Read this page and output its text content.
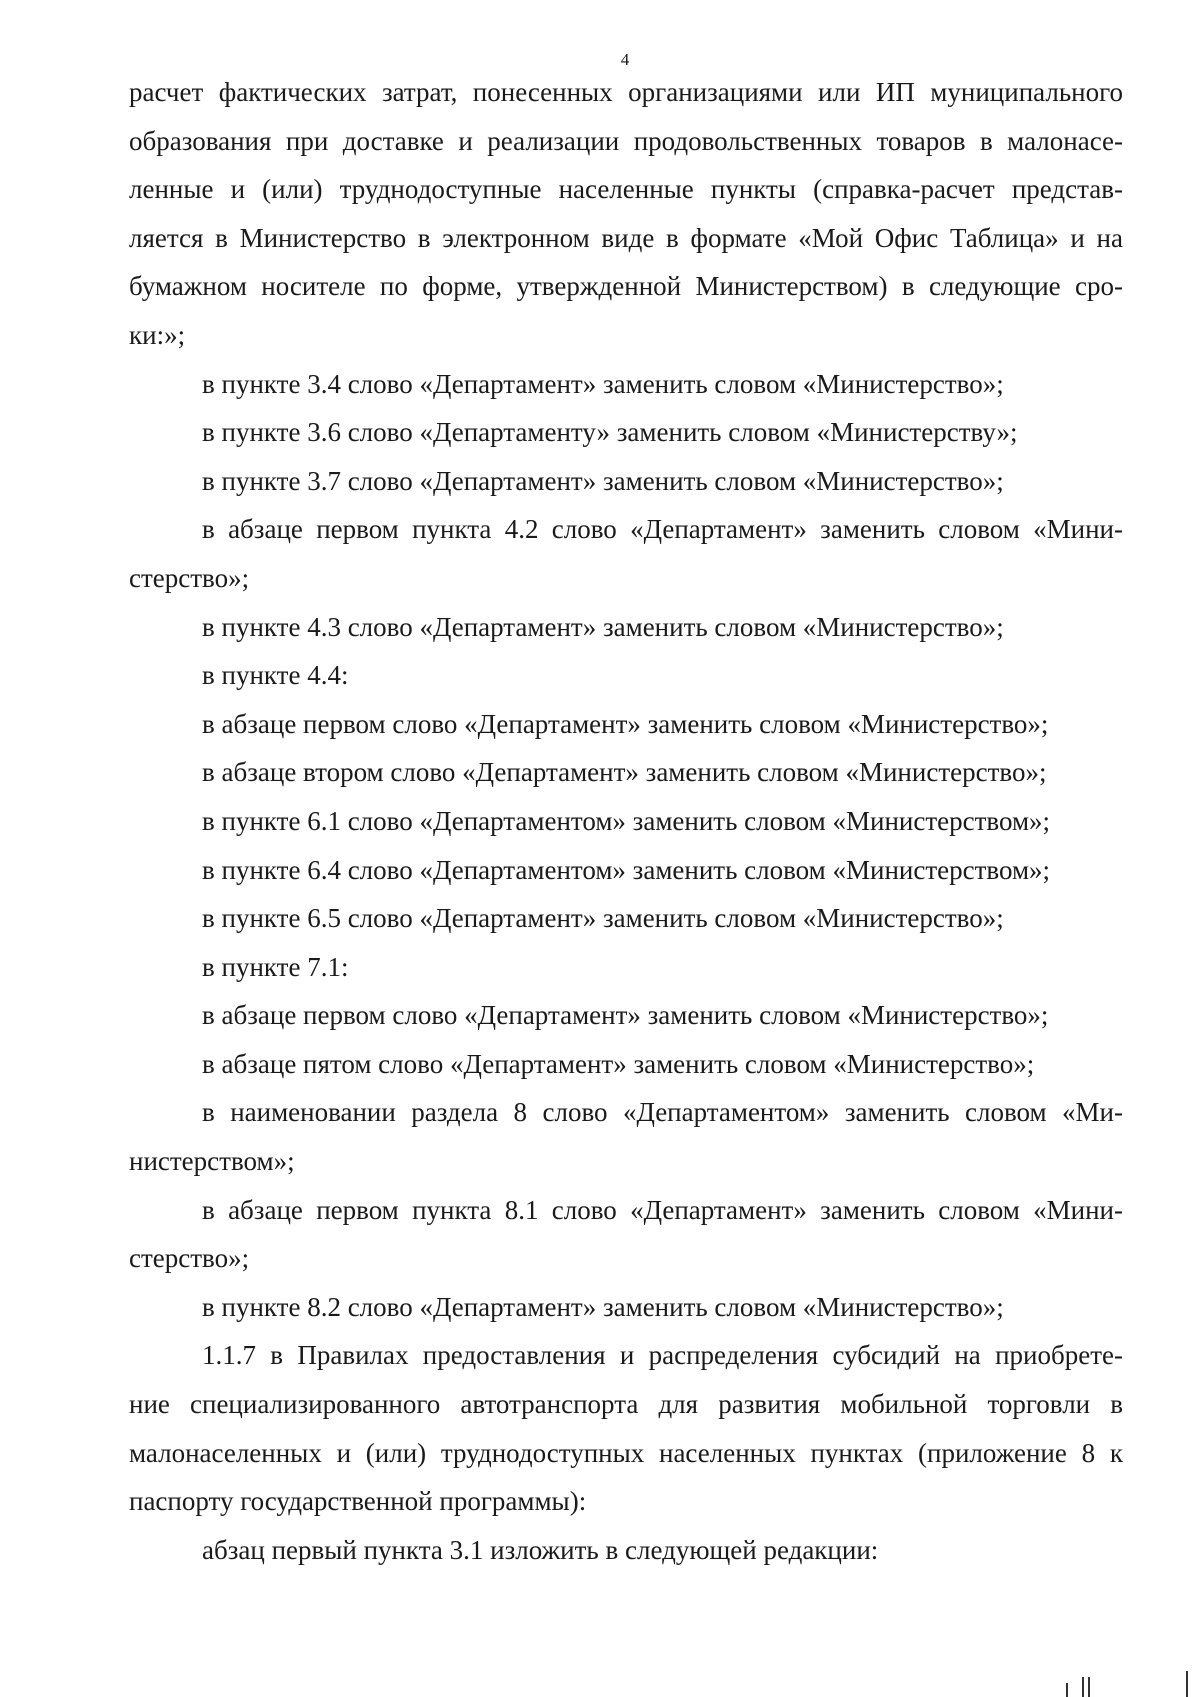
4
расчет фактических затрат, понесенных организациями или ИП муниципального
образования при доставке и реализации продовольственных товаров в малонасе-
ленные и (или) труднодоступные населенные пункты (справка-расчет представ-
ляется в Министерство в электронном виде в формате «Мой Офис Таблица» и на
бумажном носителе по форме, утвержденной Министерством) в следующие сро-
ки:»;
в пункте 3.4 слово «Департамент» заменить словом «Министерство»;
в пункте 3.6 слово «Департаменту» заменить словом «Министерству»;
в пункте 3.7 слово «Департамент» заменить словом «Министерство»;
в абзаце первом пункта 4.2 слово «Департамент» заменить словом «Мини-
стерство»;
в пункте 4.3 слово «Департамент» заменить словом «Министерство»;
в пункте 4.4:
в абзаце первом слово «Департамент» заменить словом «Министерство»;
в абзаце втором слово «Департамент» заменить словом «Министерство»;
в пункте 6.1 слово «Департаментом» заменить словом «Министерством»;
в пункте 6.4 слово «Департаментом» заменить словом «Министерством»;
в пункте 6.5 слово «Департамент» заменить словом «Министерство»;
в пункте 7.1:
в абзаце первом слово «Департамент» заменить словом «Министерство»;
в абзаце пятом слово «Департамент» заменить словом «Министерство»;
в наименовании раздела 8 слово «Департаментом» заменить словом «Ми-
нистерством»;
в абзаце первом пункта 8.1 слово «Департамент» заменить словом «Мини-
стерство»;
в пункте 8.2 слово «Департамент» заменить словом «Министерство»;
1.1.7 в Правилах предоставления и распределения субсидий на приобрете-
ние специализированного автотранспорта для развития мобильной торговли в
малонаселенных и (или) труднодоступных населенных пунктах (приложение 8 к
паспорту государственной программы):
абзац первый пункта 3.1 изложить в следующей редакции:
